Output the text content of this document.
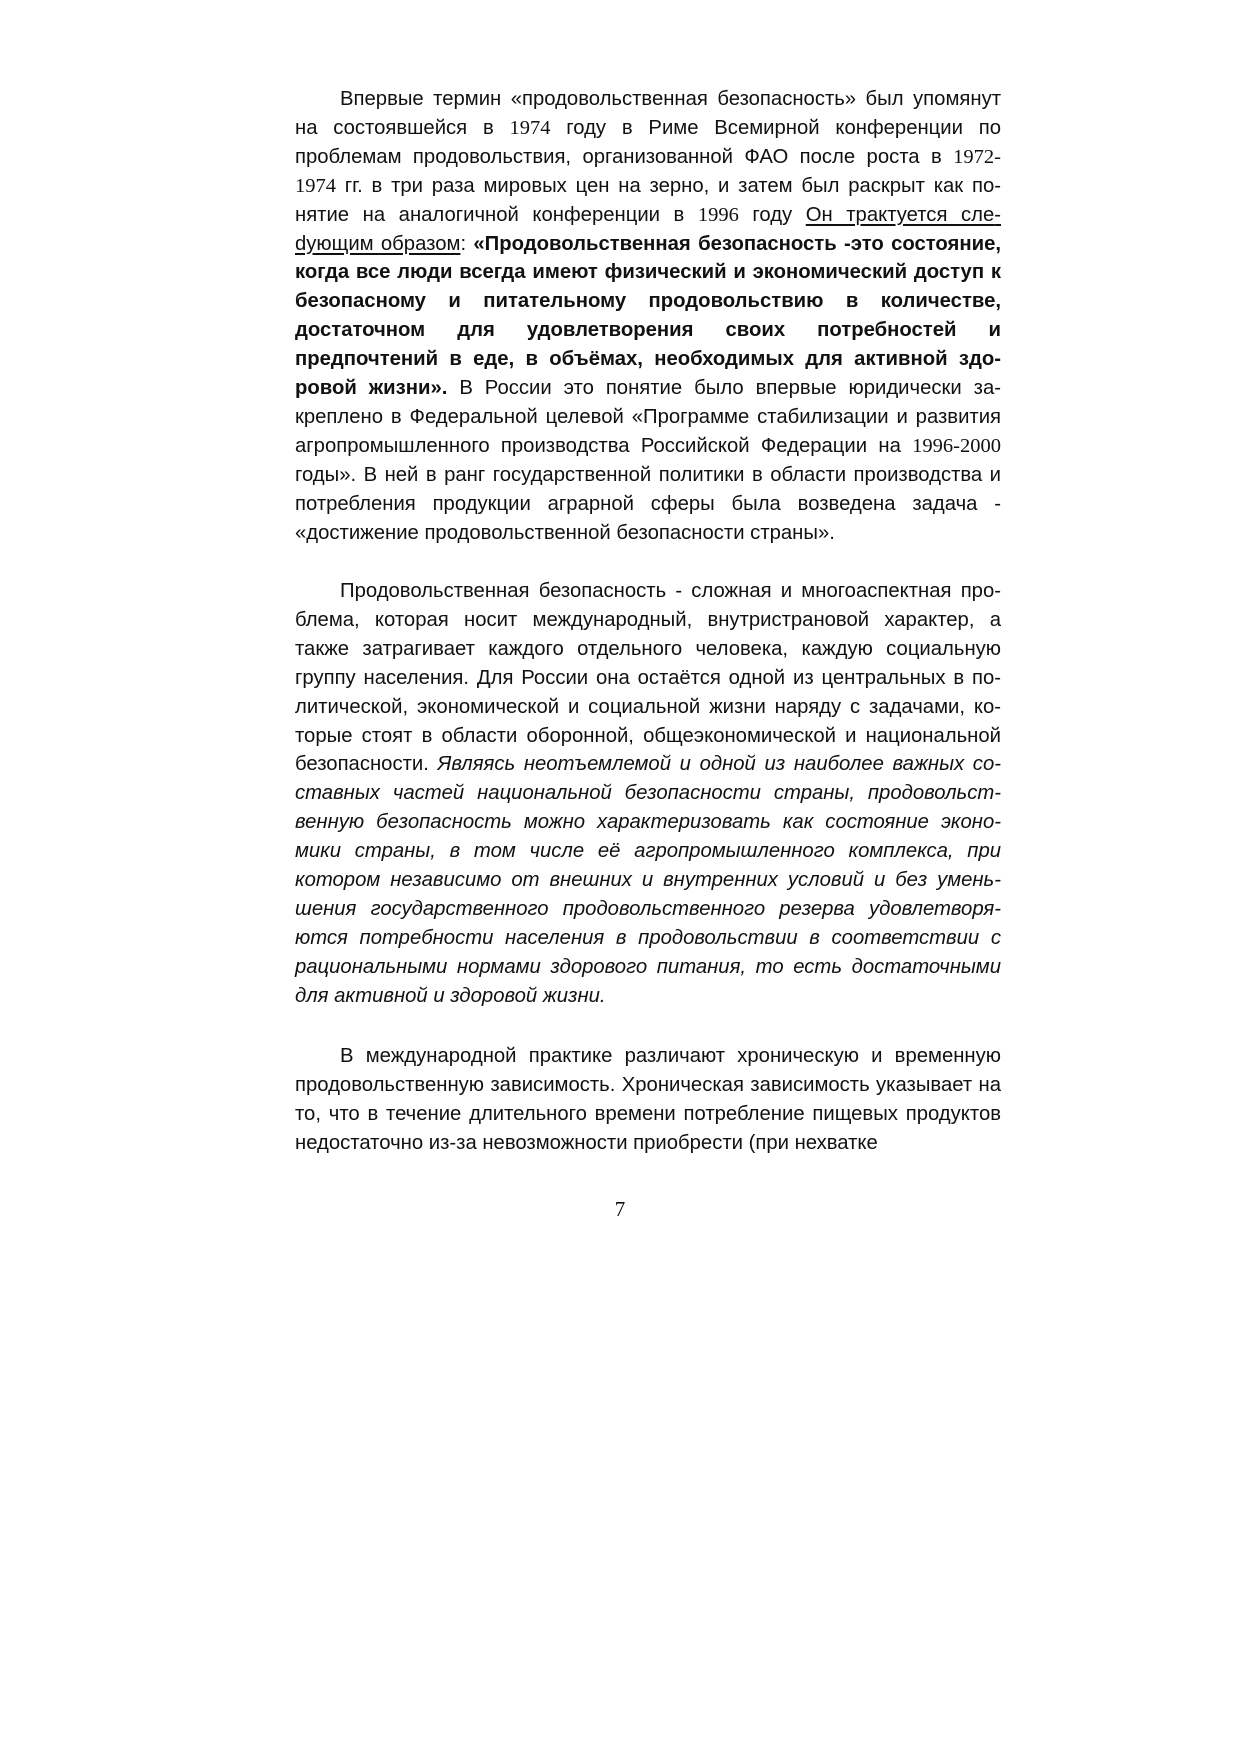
Впервые термин «продовольственная безопасность» был упомянут на состоявшейся в 1974 году в Риме Всемирной конференции по проблемам продовольствия, организованной ФАО после роста в 1972-1974 гг. в три раза мировых цен на зерно, и затем был раскрыт как понятие на аналогичной конференции в 1996 году Он трактуется слеdующим образом: «Продовольственная безопасность -это состояние, когда все люди всегда имеют физический и экономический доступ к безопасному и питательному продовольствию в количестве, достаточном для удовлетворения своих потребностей и предпочтений в еде, в объёмах, необходимых для активной здоровой жизни». В России это понятие было впервые юридически закреплено в Федеральной целевой «Программе стабилизации и развития агропромышленного производства Российской Федерации на 1996-2000 годы». В ней в ранг государственной политики в области производства и потребления продукции аграрной сферы была возведена задача - «достижение продовольственной безопасности страны».

Продовольственная безопасность - сложная и многоаспектная проблема, которая носит международный, внутристрановой характер, а также затрагивает каждого отдельного человека, каждую социальную группу населения. Для России она остаётся одной из центральных в политической, экономической и социальной жизни наряду с задачами, которые стоят в области оборонной, общеэкономической и национальной безопасности. Являясь неотъемлемой и одной из наиболее важных составных частей национальной безопасности страны, продовольственную безопасность можно характеризовать как состояние экономики страны, в том числе её агропромышленного комплекса, при котором независимо от внешних и внутренних условий и без уменьшения государственного продовольственного резерва удовлетворяются потребности населения в продовольствии в соответствии с рациональными нормами здорового питания, то есть достаточными для активной и здоровой жизни.

В международной практике различают хроническую и временную продовольственную зависимость. Хроническая зависимость указывает на то, что в течение длительного времени потребление пищевых продуктов недостаточно из-за невозможности приобрести (при нехватке

7
